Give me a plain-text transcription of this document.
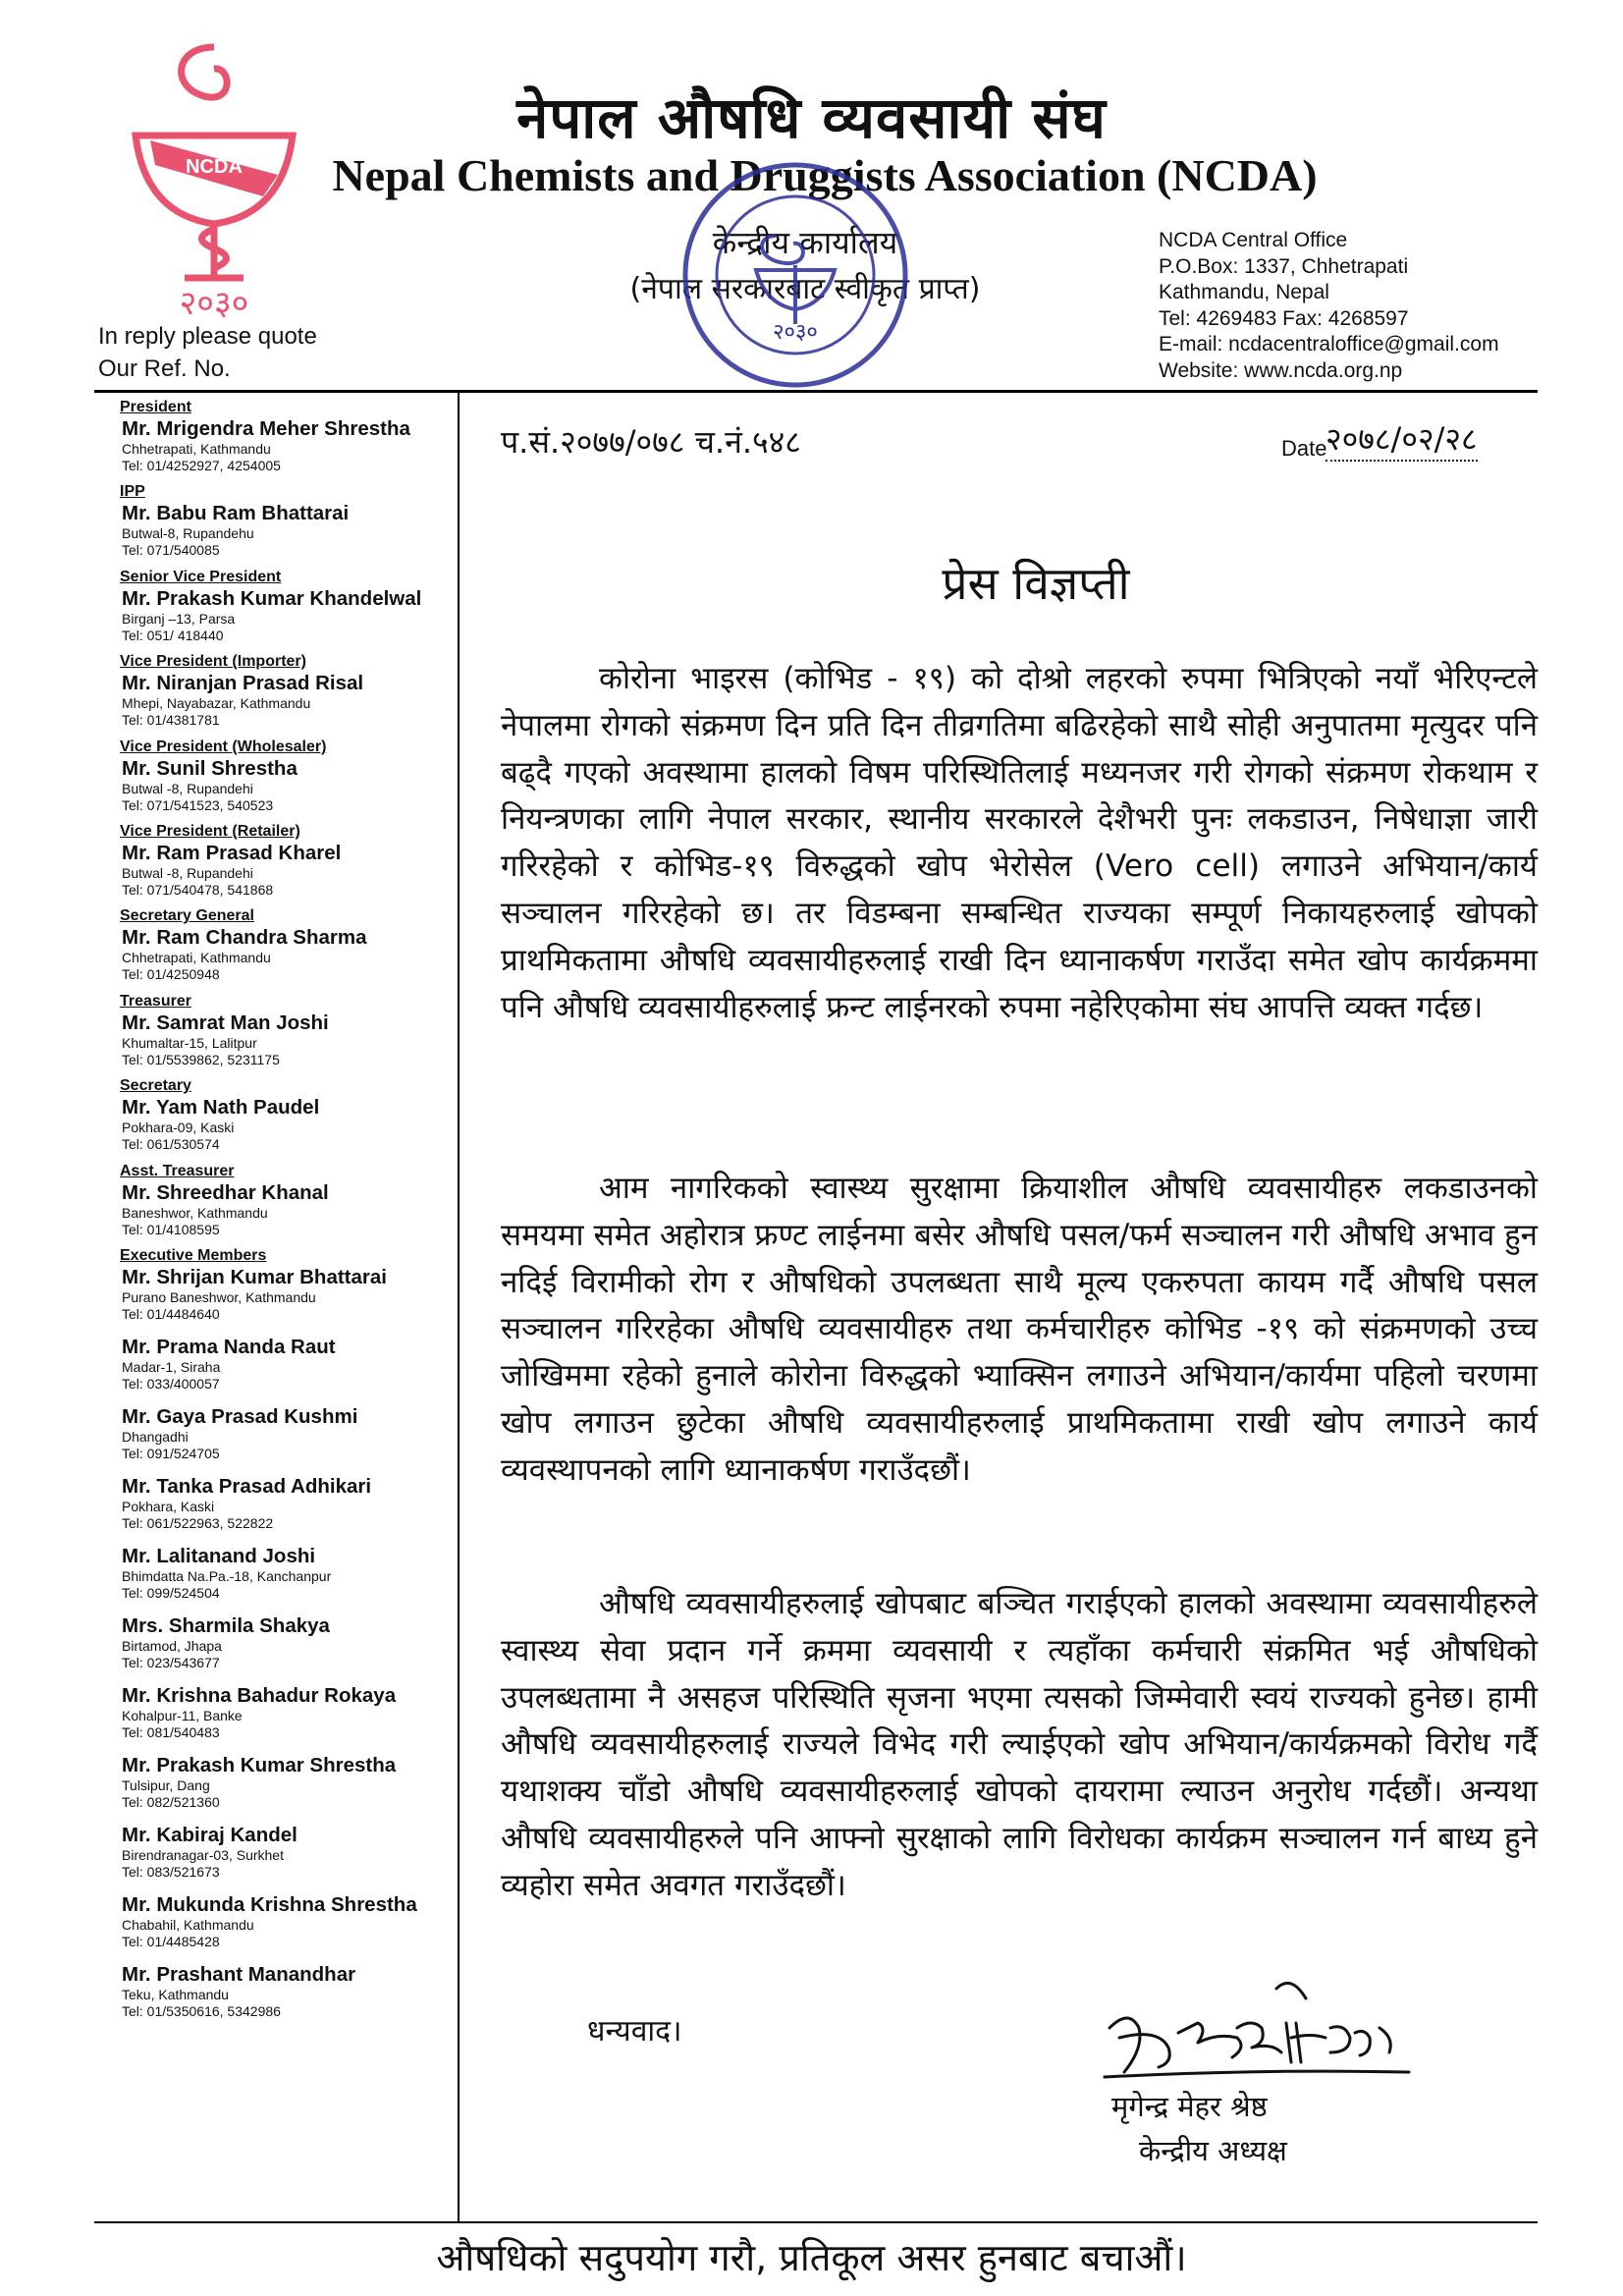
NCDA
२०३०
नेपाल औषधि व्यवसायी संघ
Nepal Chemists and Druggists Association (NCDA)
केन्द्रीय कार्यालय
(नेपाल सरकारबाट स्वीकृत प्राप्त)
२०३०
In reply please quote
Our Ref. No.
NCDA Central Office
P.O.Box: 1337, Chhetrapati
Kathmandu, Nepal
Tel: 4269483 Fax: 4268597
E-mail: ncdacentraloffice@gmail.com
Website: www.ncda.org.np
President
Mr. Mrigendra Meher Shrestha
Chhetrapati, Kathmandu
Tel: 01/4252927, 4254005
IPP
Mr. Babu Ram Bhattarai
Butwal-8, Rupandehu
Tel: 071/540085
Senior Vice President
Mr. Prakash Kumar Khandelwal
Birganj –13, Parsa
Tel: 051/ 418440
Vice President (Importer)
Mr. Niranjan Prasad Risal
Mhepi, Nayabazar, Kathmandu
Tel: 01/4381781
Vice President (Wholesaler)
Mr. Sunil Shrestha
Butwal -8, Rupandehi
Tel: 071/541523, 540523
Vice President (Retailer)
Mr. Ram Prasad Kharel
Butwal -8, Rupandehi
Tel: 071/540478, 541868
Secretary General
Mr. Ram Chandra Sharma
Chhetrapati, Kathmandu
Tel: 01/4250948
Treasurer
Mr. Samrat Man Joshi
Khumaltar-15, Lalitpur
Tel: 01/5539862, 5231175
Secretary
Mr. Yam Nath Paudel
Pokhara-09, Kaski
Tel: 061/530574
Asst. Treasurer
Mr. Shreedhar Khanal
Baneshwor, Kathmandu
Tel: 01/4108595
Executive Members
Mr. Shrijan Kumar Bhattarai
Purano Baneshwor, Kathmandu
Tel: 01/4484640
Mr. Prama Nanda Raut
Madar-1, Siraha
Tel: 033/400057
Mr. Gaya Prasad Kushmi
Dhangadhi
Tel: 091/524705
Mr. Tanka Prasad Adhikari
Pokhara, Kaski
Tel: 061/522963, 522822
Mr. Lalitanand Joshi
Bhimdatta Na.Pa.-18, Kanchanpur
Tel: 099/524504
Mrs. Sharmila Shakya
Birtamod, Jhapa
Tel: 023/543677
Mr. Krishna Bahadur Rokaya
Kohalpur-11, Banke
Tel: 081/540483
Mr. Prakash Kumar Shrestha
Tulsipur, Dang
Tel: 082/521360
Mr. Kabiraj Kandel
Birendranagar-03, Surkhet
Tel: 083/521673
Mr. Mukunda Krishna Shrestha
Chabahil, Kathmandu
Tel: 01/4485428
Mr. Prashant Manandhar
Teku, Kathmandu
Tel: 01/5350616, 5342986
प.सं.२०७७/०७८ च.नं.५४८	Date
२०७८/०२/२८
प्रेस विज्ञप्ती
कोरोना भाइरस (कोभिड - १९) को दोश्रो लहरको रुपमा भित्रिएको नयाँ भेरिएन्टले नेपालमा रोगको संक्रमण दिन प्रति दिन तीव्रगतिमा बढिरहेको साथै सोही अनुपातमा मृत्युदर पनि बढ्दै गएको अवस्थामा हालको विषम परिस्थितिलाई मध्यनजर गरी रोगको संक्रमण रोकथाम र नियन्त्रणका लागि नेपाल सरकार, स्थानीय सरकारले देशैभरी पुनः लकडाउन, निषेधाज्ञा जारी गरिरहेको र कोभिड-१९ विरुद्धको खोप भेरोसेल (Vero cell) लगाउने अभियान/कार्य सञ्चालन गरिरहेको छ। तर विडम्बना सम्बन्धित राज्यका सम्पूर्ण निकायहरुलाई खोपको प्राथमिकतामा औषधि व्यवसायीहरुलाई राखी दिन ध्यानाकर्षण गराउँदा समेत खोप कार्यक्रममा पनि औषधि व्यवसायीहरुलाई फ्रन्ट लाईनरको रुपमा नहेरिएकोमा संघ आपत्ति व्यक्त गर्दछ।
आम नागरिकको स्वास्थ्य सुरक्षामा क्रियाशील औषधि व्यवसायीहरु लकडाउनको समयमा समेत अहोरात्र फ्रण्ट लाईनमा बसेर औषधि पसल/फर्म सञ्चालन गरी औषधि अभाव हुन नदिई विरामीको रोग र औषधिको उपलब्धता साथै मूल्य एकरुपता कायम गर्दै औषधि पसल सञ्चालन गरिरहेका औषधि व्यवसायीहरु तथा कर्मचारीहरु कोभिड -१९ को संक्रमणको उच्च जोखिममा रहेको हुनाले कोरोना विरुद्धको भ्याक्सिन लगाउने अभियान/कार्यमा पहिलो चरणमा खोप लगाउन छुटेका औषधि व्यवसायीहरुलाई प्राथमिकतामा राखी खोप लगाउने कार्य व्यवस्थापनको लागि ध्यानाकर्षण गराउँदछौं।
औषधि व्यवसायीहरुलाई खोपबाट बञ्चित गराईएको हालको अवस्थामा व्यवसायीहरुले स्वास्थ्य सेवा प्रदान गर्ने क्रममा व्यवसायी र त्यहाँका कर्मचारी संक्रमित भई औषधिको उपलब्धतामा नै असहज परिस्थिति सृजना भएमा त्यसको जिम्मेवारी स्वयं राज्यको हुनेछ। हामी औषधि व्यवसायीहरुलाई राज्यले विभेद गरी ल्याईएको खोप अभियान/कार्यक्रमको विरोध गर्दै यथाशक्य चाँडो औषधि व्यवसायीहरुलाई खोपको दायरामा ल्याउन अनुरोध गर्दछौं। अन्यथा औषधि व्यवसायीहरुले पनि आफ्नो सुरक्षाको लागि विरोधका कार्यक्रम सञ्चालन गर्न बाध्य हुने व्यहोरा समेत अवगत गराउँदछौं।
धन्यवाद।
मृगेन्द्र मेहर श्रेष्ठ
केन्द्रीय अध्यक्ष
औषधिको सदुपयोग गरौ, प्रतिकूल असर हुनबाट बचाऔं।
